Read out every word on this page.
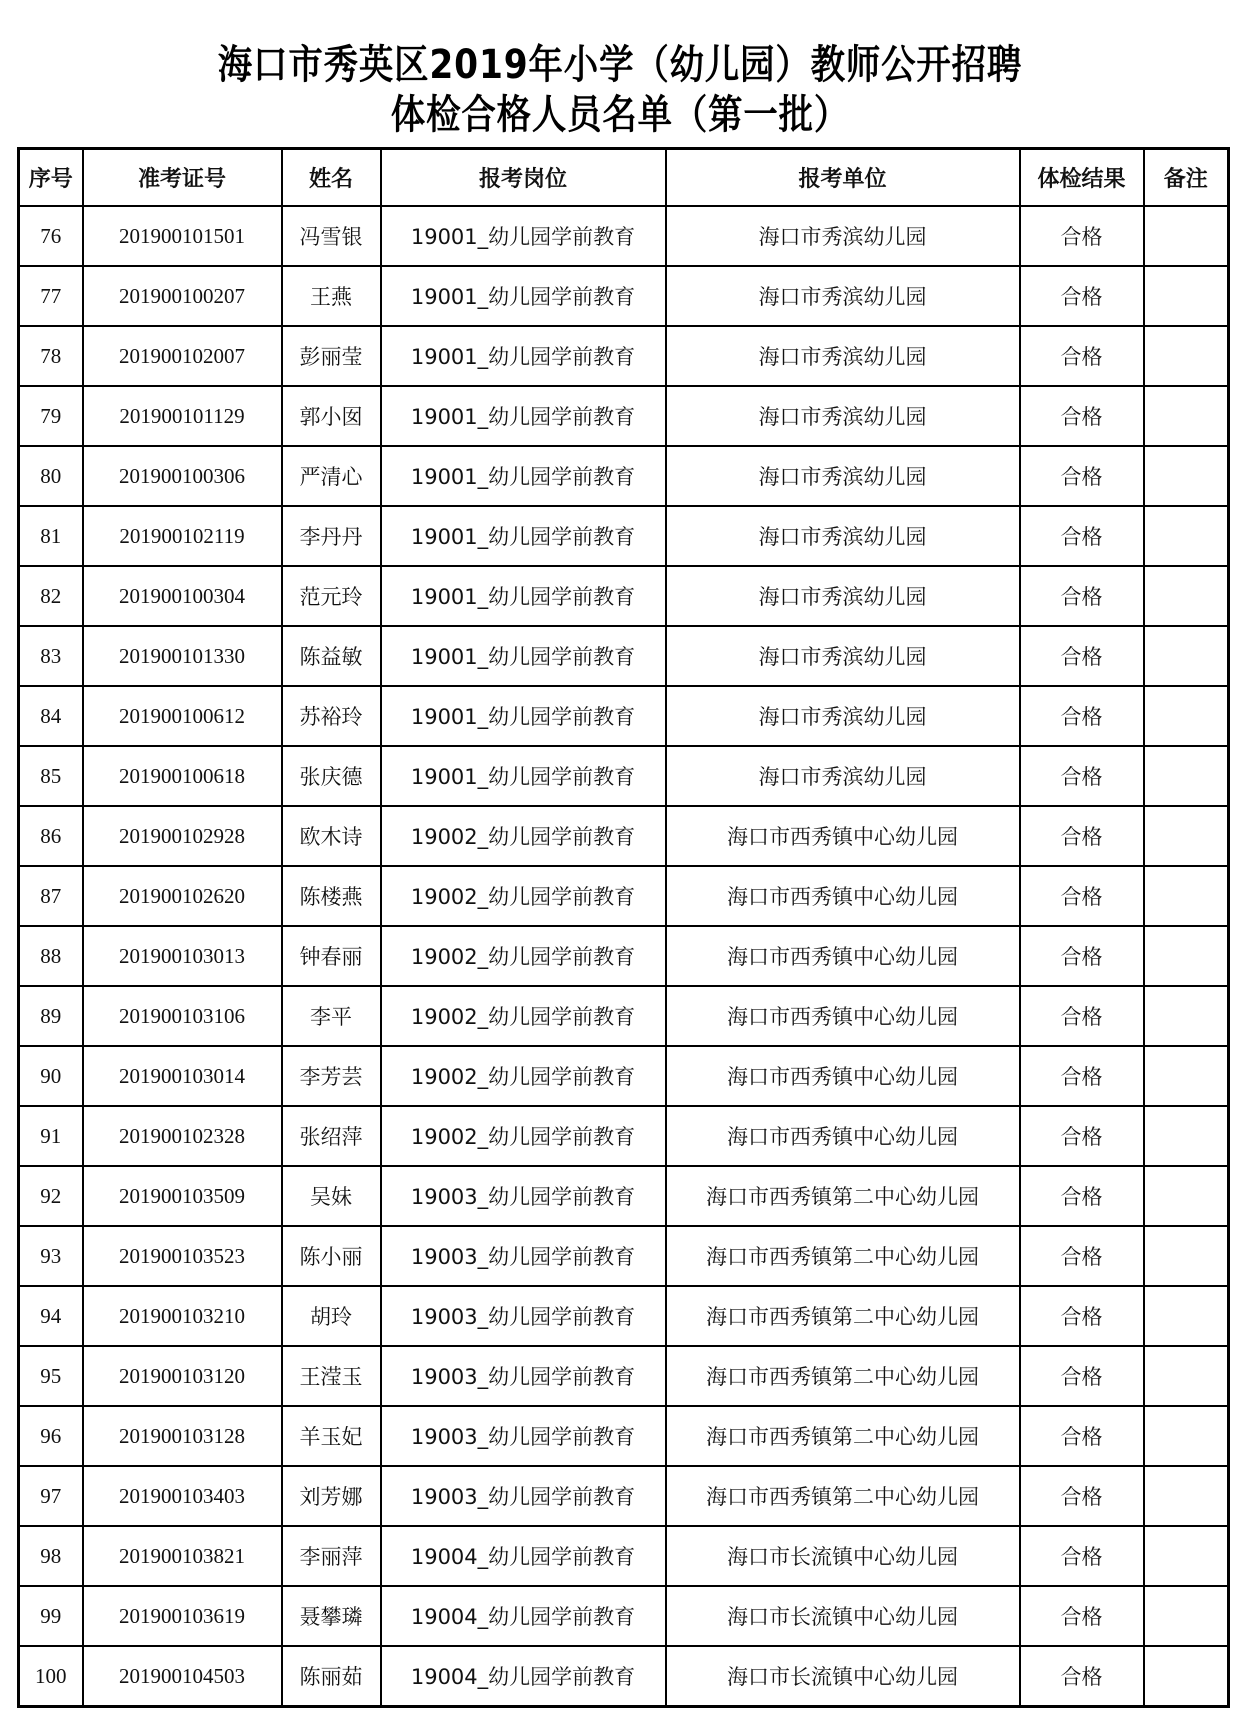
海口市秀英区2019年小学（幼儿园）教师公开招聘
体检合格人员名单（第一批）
序号	准考证号	姓名	报考岗位	报考单位	体检结果	备注
76	201900101501	冯雪银	19001_幼儿园学前教育	海口市秀滨幼儿园	合格	
77	201900100207	王燕	19001_幼儿园学前教育	海口市秀滨幼儿园	合格	
78	201900102007	彭丽莹	19001_幼儿园学前教育	海口市秀滨幼儿园	合格	
79	201900101129	郭小囡	19001_幼儿园学前教育	海口市秀滨幼儿园	合格	
80	201900100306	严清心	19001_幼儿园学前教育	海口市秀滨幼儿园	合格	
81	201900102119	李丹丹	19001_幼儿园学前教育	海口市秀滨幼儿园	合格	
82	201900100304	范元玲	19001_幼儿园学前教育	海口市秀滨幼儿园	合格	
83	201900101330	陈益敏	19001_幼儿园学前教育	海口市秀滨幼儿园	合格	
84	201900100612	苏裕玲	19001_幼儿园学前教育	海口市秀滨幼儿园	合格	
85	201900100618	张庆德	19001_幼儿园学前教育	海口市秀滨幼儿园	合格	
86	201900102928	欧木诗	19002_幼儿园学前教育	海口市西秀镇中心幼儿园	合格	
87	201900102620	陈楼燕	19002_幼儿园学前教育	海口市西秀镇中心幼儿园	合格	
88	201900103013	钟春丽	19002_幼儿园学前教育	海口市西秀镇中心幼儿园	合格	
89	201900103106	李平	19002_幼儿园学前教育	海口市西秀镇中心幼儿园	合格	
90	201900103014	李芳芸	19002_幼儿园学前教育	海口市西秀镇中心幼儿园	合格	
91	201900102328	张绍萍	19002_幼儿园学前教育	海口市西秀镇中心幼儿园	合格	
92	201900103509	吴妹	19003_幼儿园学前教育	海口市西秀镇第二中心幼儿园	合格	
93	201900103523	陈小丽	19003_幼儿园学前教育	海口市西秀镇第二中心幼儿园	合格	
94	201900103210	胡玲	19003_幼儿园学前教育	海口市西秀镇第二中心幼儿园	合格	
95	201900103120	王滢玉	19003_幼儿园学前教育	海口市西秀镇第二中心幼儿园	合格	
96	201900103128	羊玉妃	19003_幼儿园学前教育	海口市西秀镇第二中心幼儿园	合格	
97	201900103403	刘芳娜	19003_幼儿园学前教育	海口市西秀镇第二中心幼儿园	合格	
98	201900103821	李丽萍	19004_幼儿园学前教育	海口市长流镇中心幼儿园	合格	
99	201900103619	聂攀璘	19004_幼儿园学前教育	海口市长流镇中心幼儿园	合格	
100	201900104503	陈丽茹	19004_幼儿园学前教育	海口市长流镇中心幼儿园	合格	
